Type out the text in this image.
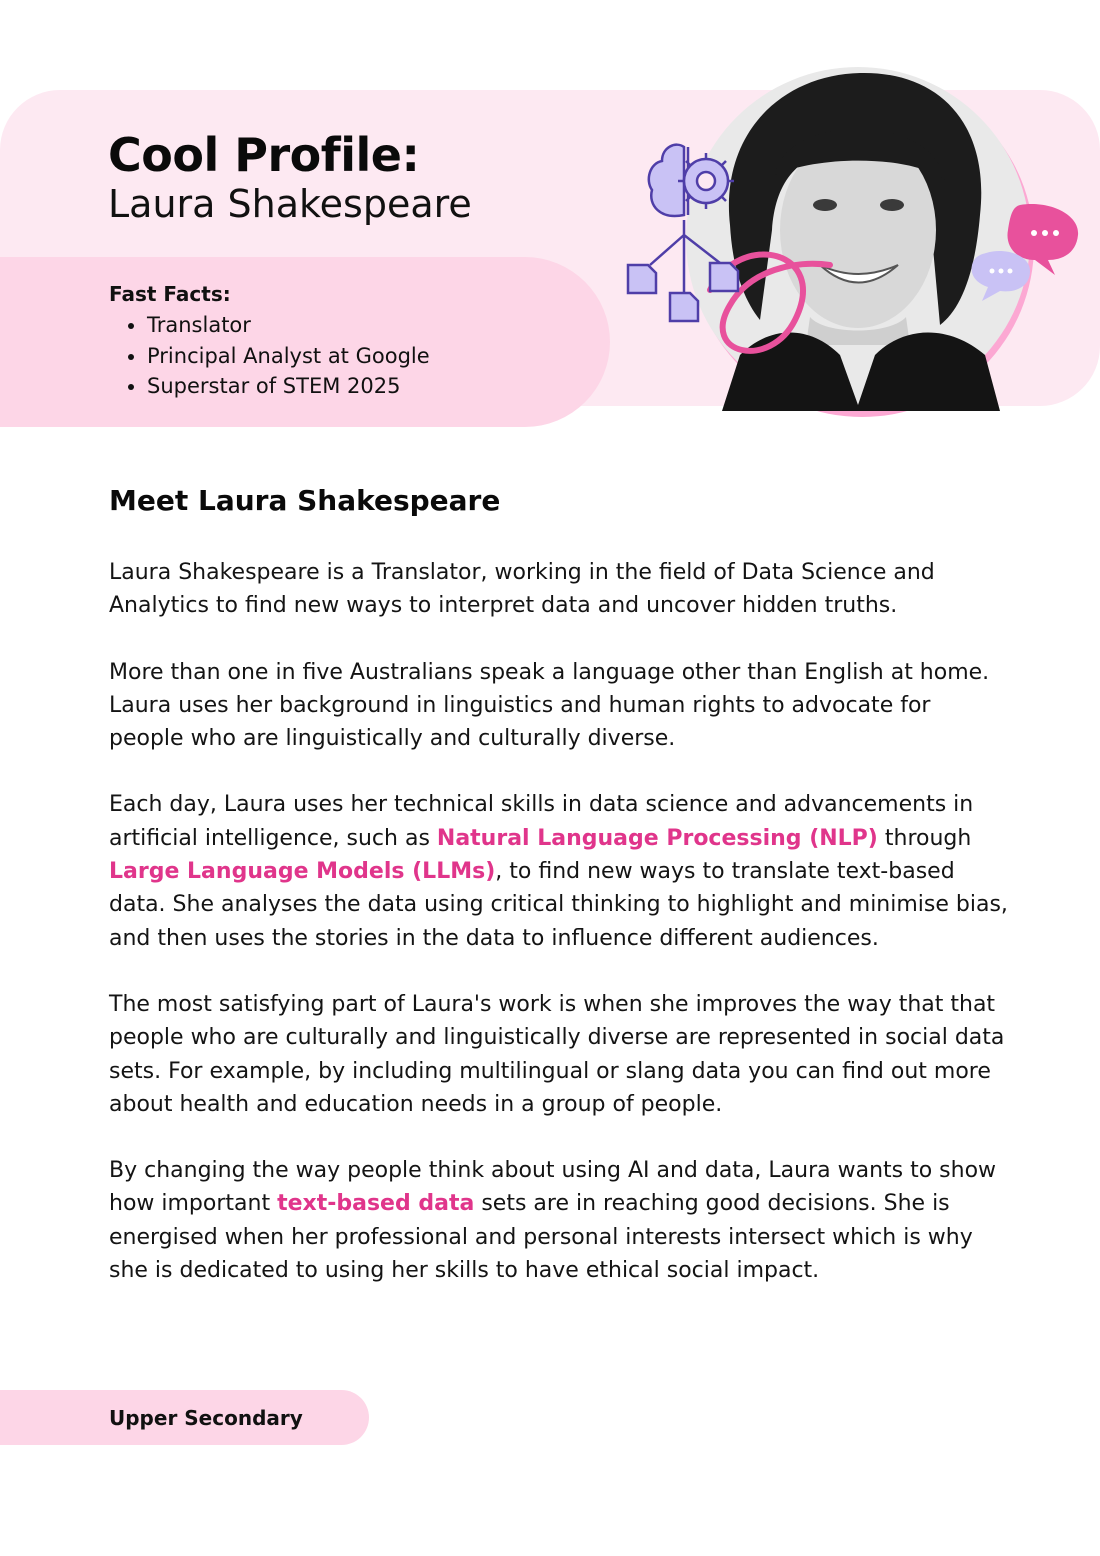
Cool Profile:
Laura Shakespeare
Fast Facts:
• Translator
• Principal Analyst at Google
• Superstar of STEM 2025
Meet Laura Shakespeare

Laura Shakespeare is a Translator, working in the field of Data Science and Analytics to find new ways to interpret data and uncover hidden truths.

More than one in five Australians speak a language other than English at home. Laura uses her background in linguistics and human rights to advocate for people who are linguistically and culturally diverse.

Each day, Laura uses her technical skills in data science and advancements in artificial intelligence, such as Natural Language Processing (NLP) through Large Language Models (LLMs), to find new ways to translate text-based data. She analyses the data using critical thinking to highlight and minimise bias, and then uses the stories in the data to influence different audiences.

The most satisfying part of Laura's work is when she improves the way that that people who are culturally and linguistically diverse are represented in social data sets. For example, by including multilingual or slang data you can find out more about health and education needs in a group of people.

By changing the way people think about using AI and data, Laura wants to show how important text-based data sets are in reaching good decisions. She is energised when her professional and personal interests intersect which is why she is dedicated to using her skills to have ethical social impact.

Upper Secondary
